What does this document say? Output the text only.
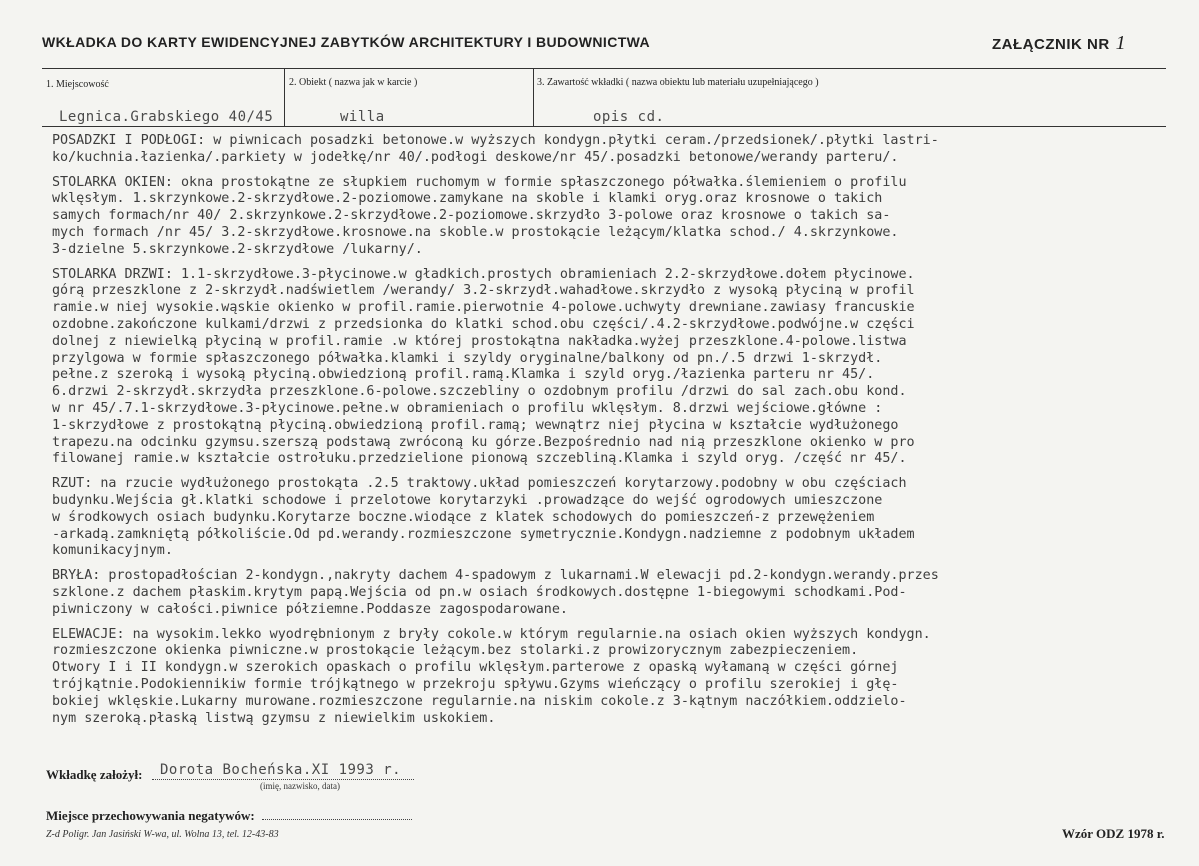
WKŁADKA DO KARTY EWIDENCYJNEJ ZABYTKÓW ARCHITEKTURY I BUDOWNICTWA	ZAŁĄCZNIK NR 1
1. Miejscowość	2. Obiekt ( nazwa jak w karcie )	3. Zawartość wkładki ( nazwa obiektu lub materiału uzupełniającego )
Legnica.Grabskiego 40/45	willa	opis cd.
POSADZKI I PODŁOGI: w piwnicach posadzki betonowe.w wyższych kondygn.płytki ceram./przedsionek/.płytki lastri-
ko/kuchnia.łazienka/.parkiety w jodełkę/nr 40/.podłogi deskowe/nr 45/.posadzki betonowe/werandy parteru/.
STOLARKA OKIEN: okna prostokątne ze słupkiem ruchomym w formie spłaszczonego półwałka.ślemieniem o profilu
wklęsłym. 1.skrzynkowe.2-skrzydłowe.2-poziomowe.zamykane na skoble i klamki oryg.oraz krosnowe o takich
samych formach/nr 40/ 2.skrzynkowe.2-skrzydłowe.2-poziomowe.skrzydło 3-polowe oraz krosnowe o takich sa-
mych formach /nr 45/ 3.2-skrzydłowe.krosnowe.na skoble.w prostokącie leżącym/klatka schod./ 4.skrzynkowe.
3-dzielne 5.skrzynkowe.2-skrzydłowe /lukarny/.
STOLARKA DRZWI: 1.1-skrzydłowe.3-płycinowe.w gładkich.prostych obramieniach 2.2-skrzydłowe.dołem płycinowe.
górą przeszklone z 2-skrzydł.nadświetlem /werandy/ 3.2-skrzydł.wahadłowe.skrzydło z wysoką płyciną w profil
ramie.w niej wysokie.wąskie okienko w profil.ramie.pierwotnie 4-polowe.uchwyty drewniane.zawiasy francuskie
ozdobne.zakończone kulkami/drzwi z przedsionka do klatki schod.obu części/.4.2-skrzydłowe.podwójne.w części
dolnej z niewielką płyciną w profil.ramie .w której prostokątna nakładka.wyżej przeszklone.4-polowe.listwa
przylgowa w formie spłaszczonego półwałka.klamki i szyldy oryginalne/balkony od pn./.5 drzwi 1-skrzydł.
pełne.z szeroką i wysoką płyciną.obwiedzioną profil.ramą.Klamka i szyld oryg./łazienka parteru nr 45/.
6.drzwi 2-skrzydł.skrzydła przeszklone.6-polowe.szczebliny o ozdobnym profilu /drzwi do sal zach.obu kond.
w nr 45/.7.1-skrzydłowe.3-płycinowe.pełne.w obramieniach o profilu wklęsłym. 8.drzwi wejściowe.główne :
1-skrzydłowe z prostokątną płyciną.obwiedzioną profil.ramą; wewnątrz niej płycina w kształcie wydłużonego
trapezu.na odcinku gzymsu.szerszą podstawą zwróconą ku górze.Bezpośrednio nad nią przeszklone okienko w pro
filowanej ramie.w kształcie ostrołuku.przedzielione pionową szczebliną.Klamka i szyld oryg. /część nr 45/.
RZUT: na rzucie wydłużonego prostokąta .2.5 traktowy.układ pomieszczeń korytarzowy.podobny w obu częściach
budynku.Wejścia gł.klatki schodowe i przelotowe korytarzyki .prowadzące do wejść ogrodowych umieszczone
w środkowych osiach budynku.Korytarze boczne.wiodące z klatek schodowych do pomieszczeń-z przewężeniem
-arkadą.zamkniętą półkoliście.Od pd.werandy.rozmieszczone symetrycznie.Kondygn.nadziemne z podobnym układem
komunikacyjnym.
BRYŁA: prostopadłościan 2-kondygn.,nakryty dachem 4-spadowym z lukarnami.W elewacji pd.2-kondygn.werandy.przes
szklone.z dachem płaskim.krytym papą.Wejścia od pn.w osiach środkowych.dostępne 1-biegowymi schodkami.Pod-
piwniczony w całości.piwnice półziemne.Poddasze zagospodarowane.
ELEWACJE: na wysokim.lekko wyodrębnionym z bryły cokole.w którym regularnie.na osiach okien wyższych kondygn.
rozmieszczone okienka piwniczne.w prostokącie leżącym.bez stolarki.z prowizorycznym zabezpieczeniem.
Otwory I i II kondygn.w szerokich opaskach o profilu wklęsłym.parterowe z opaską wyłamaną w części górnej
trójkątnie.Podokiennikiw formie trójkątnego w przekroju spływu.Gzyms wieńczący o profilu szerokiej i głę-
bokiej wklęskie.Lukarny murowane.rozmieszczone regularnie.na niskim cokole.z 3-kątnym naczółkiem.oddzielo-
nym szeroką.płaską listwą gzymsu z niewielkim uskokiem.
Wkładkę założył: Dorota Bocheńska.XI 1993 r.
(imię, nazwisko, data)
Miejsce przechowywania negatywów:
Z-d Poligr. Jan Jasiński W-wa, ul. Wolna 13, tel. 12-43-83	Wzór ODZ 1978 r.
